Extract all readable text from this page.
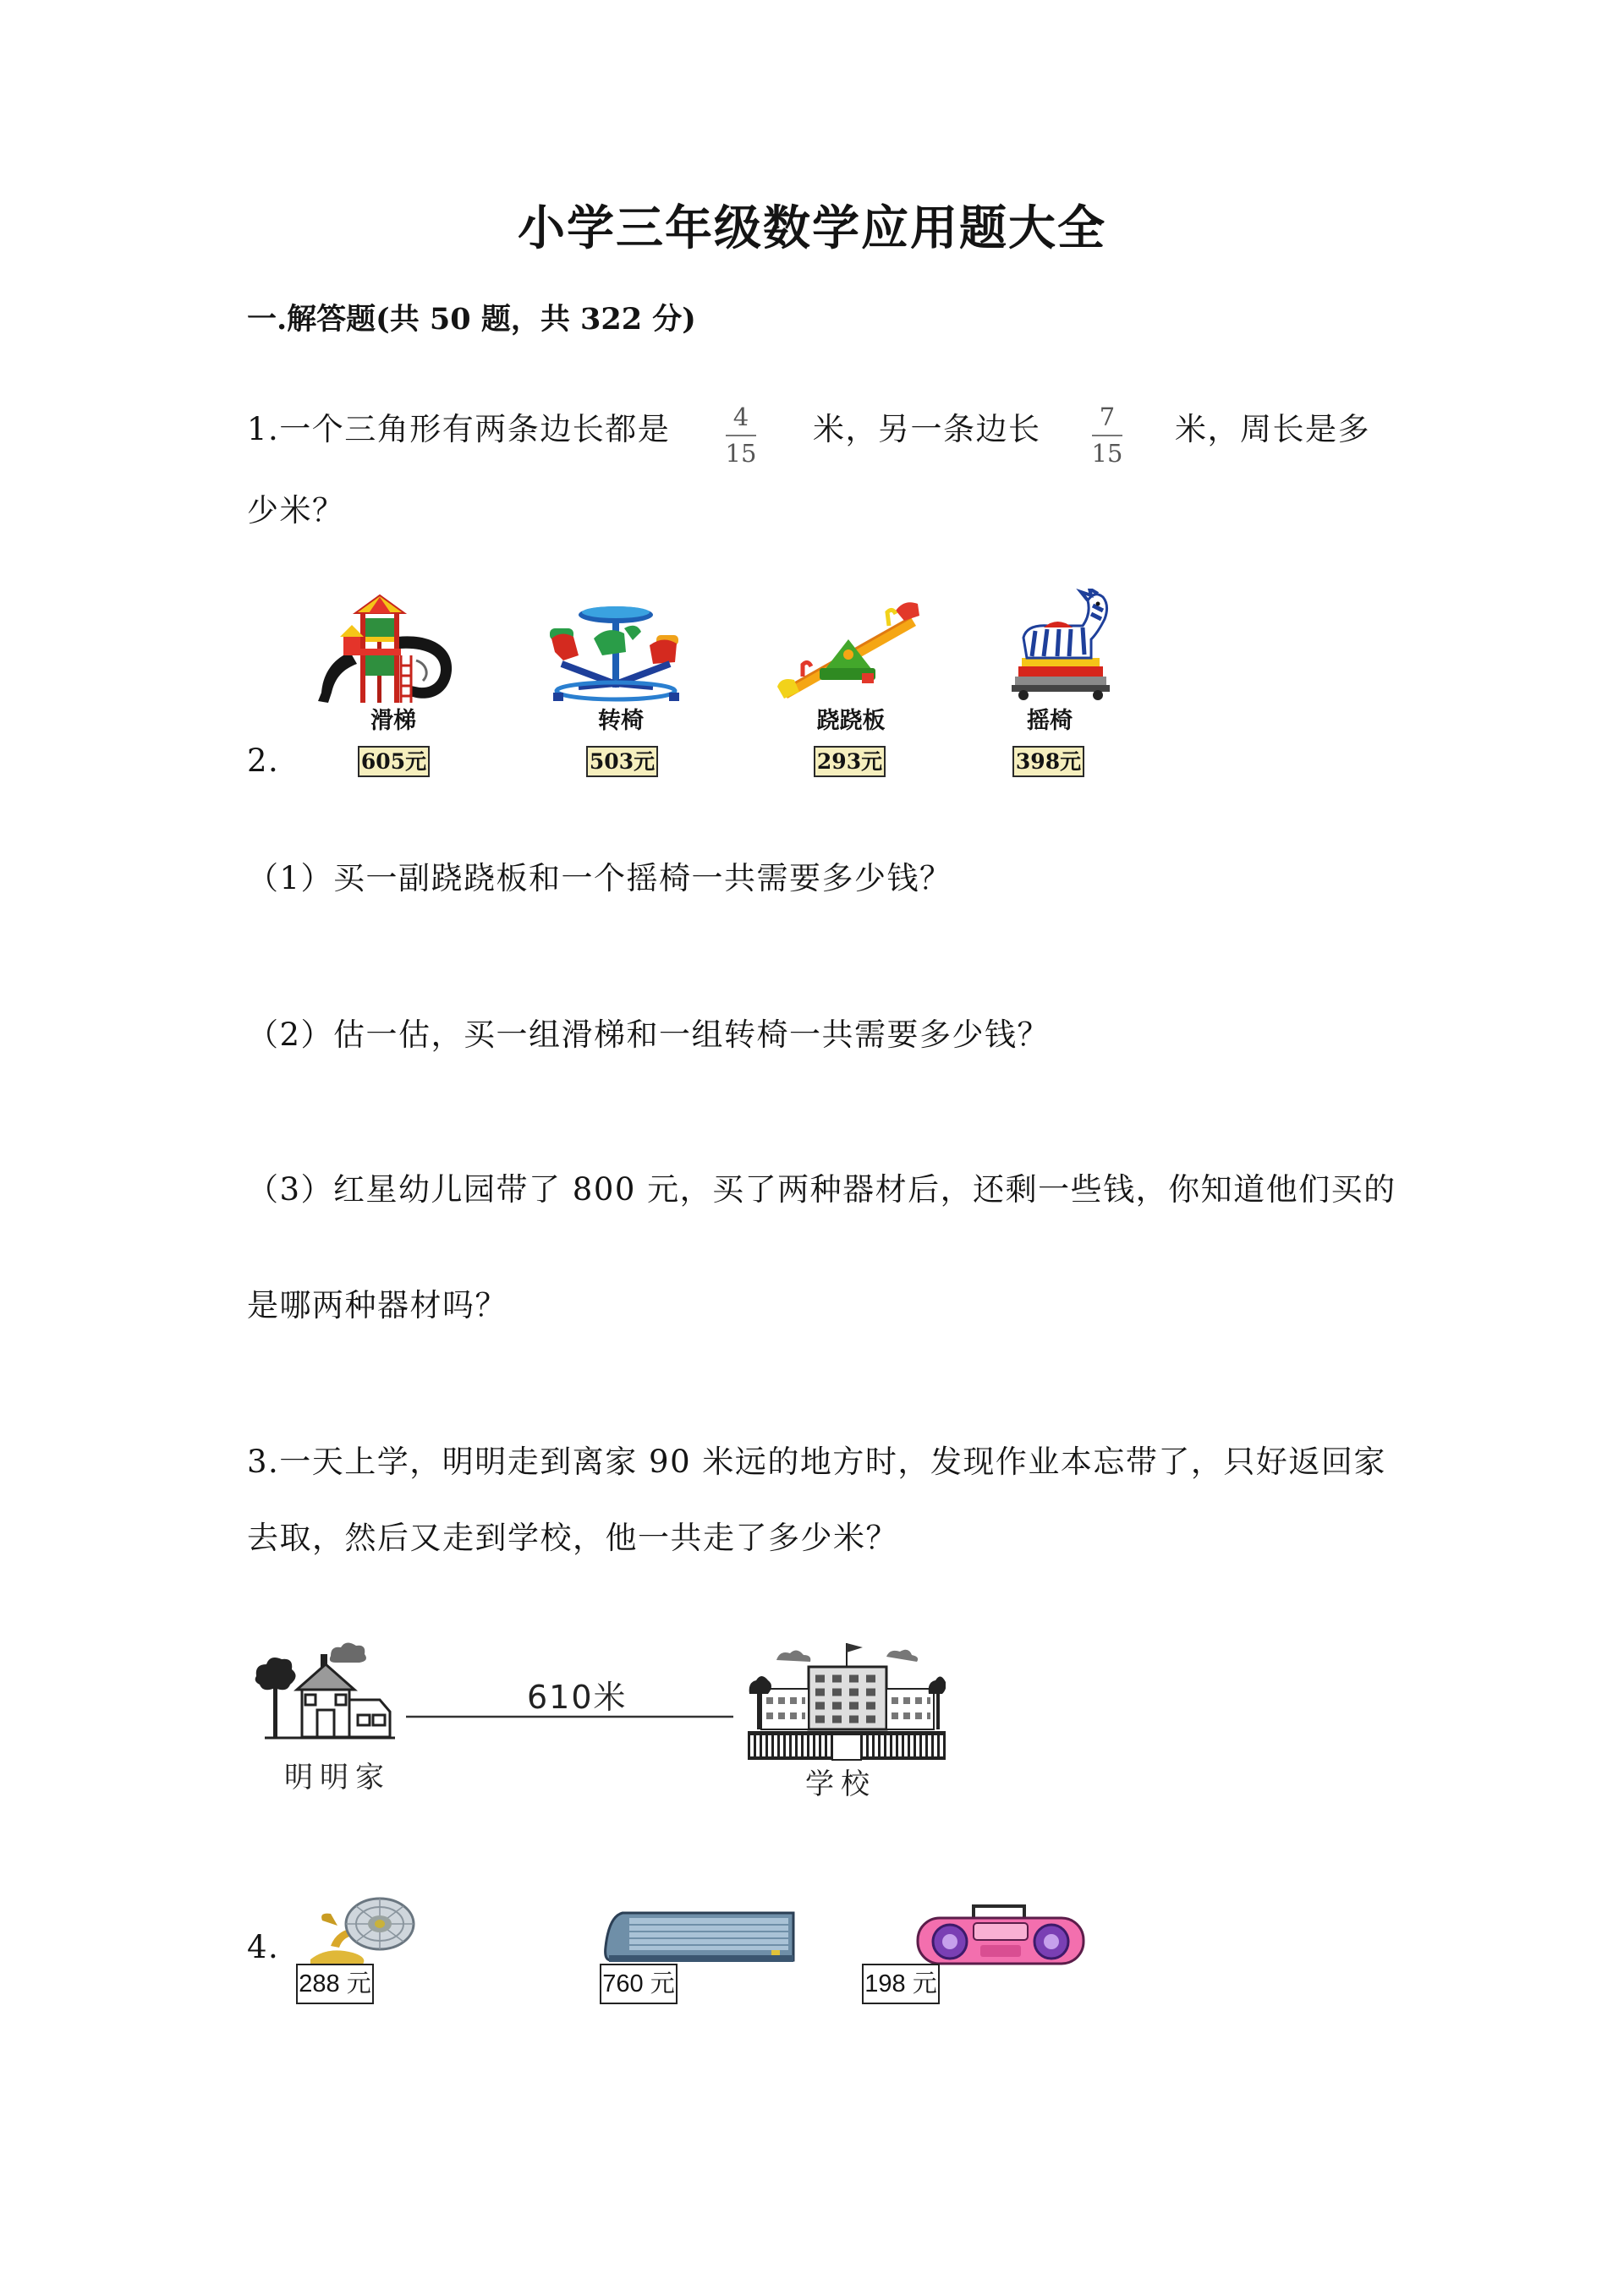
小学三年级数学应用题大全
一.解答题(共 50 题，共 322 分)
1.一个三角形有两条边长都是	4
15
米，另一条边长	7
15
米，周长是多
少米？
2.
滑梯
605元
转椅
503元
跷跷板
293元
摇椅
398元
（1）买一副跷跷板和一个摇椅一共需要多少钱？
（2）估一估，买一组滑梯和一组转椅一共需要多少钱？
（3）红星幼儿园带了 800 元，买了两种器材后，还剩一些钱，你知道他们买的
是哪两种器材吗？
3.一天上学，明明走到离家 90 米远的地方时，发现作业本忘带了，只好返回家
去取，然后又走到学校，他一共走了多少米？
明明家
610米
学校
4.
288 元	760 元	198 元
